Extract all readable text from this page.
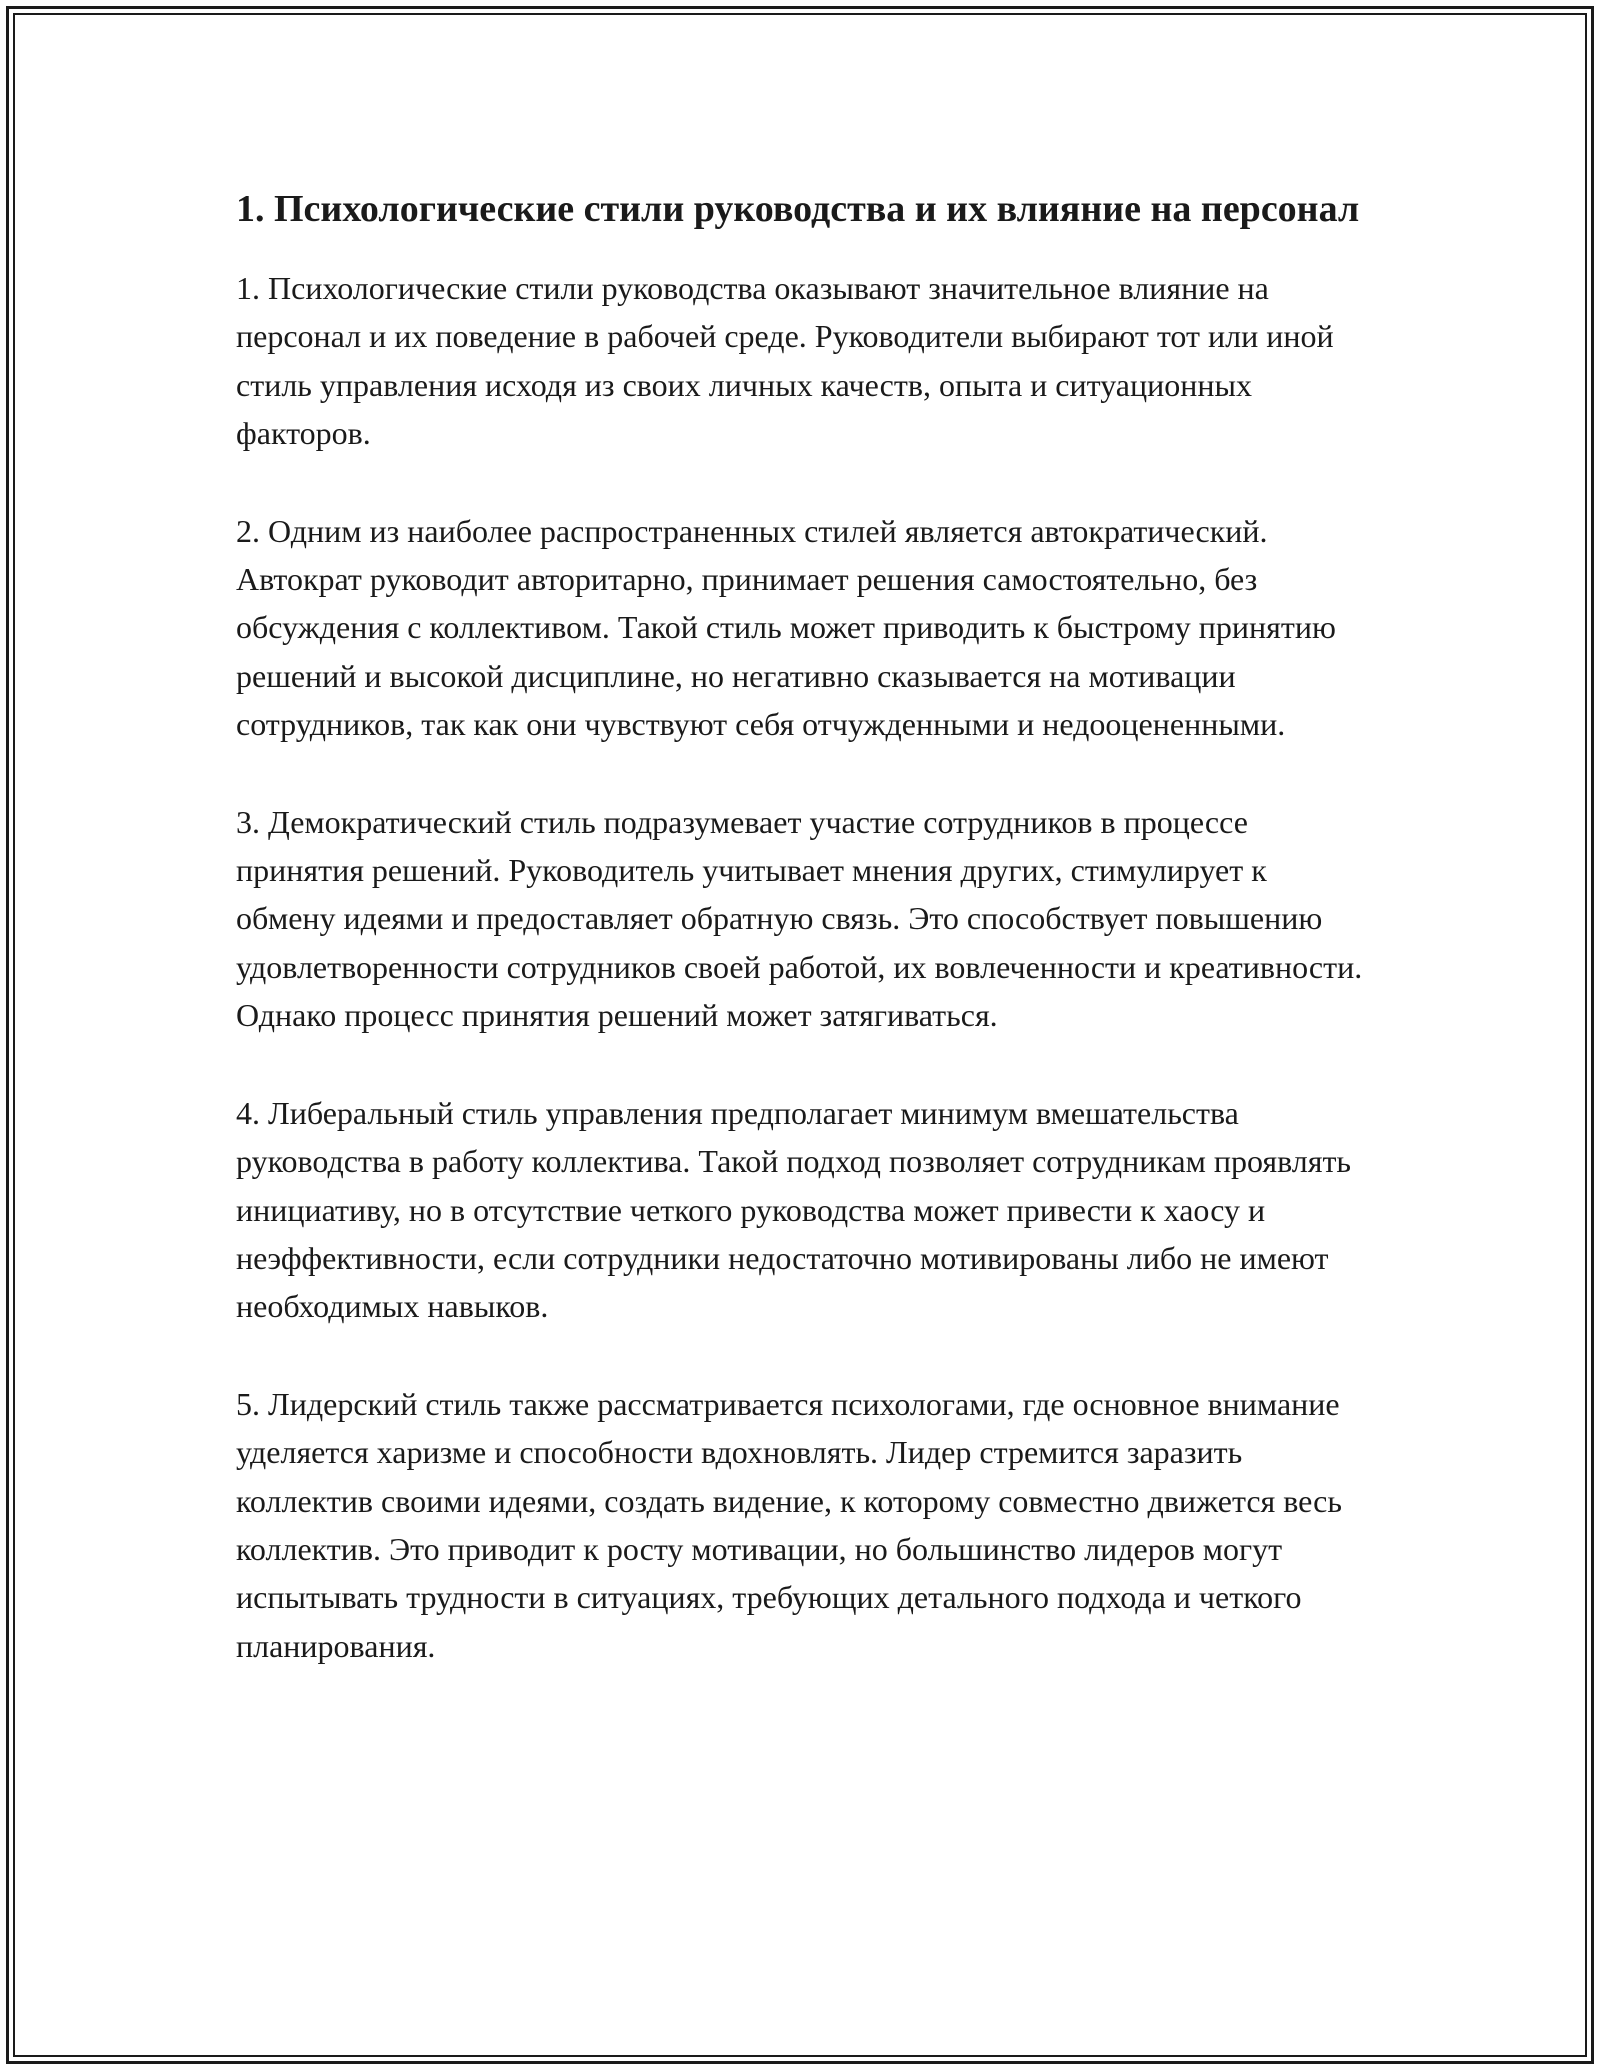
1. Психологические стили руководства и их влияние на персонал

1. Психологические стили руководства оказывают значительное влияние на персонал и их поведение в рабочей среде. Руководители выбирают тот или иной стиль управления исходя из своих личных качеств, опыта и ситуационных факторов.

2. Одним из наиболее распространенных стилей является автократический. Автократ руководит авторитарно, принимает решения самостоятельно, без обсуждения с коллективом. Такой стиль может приводить к быстрому принятию решений и высокой дисциплине, но негативно сказывается на мотивации сотрудников, так как они чувствуют себя отчужденными и недооцененными.

3. Демократический стиль подразумевает участие сотрудников в процессе принятия решений. Руководитель учитывает мнения других, стимулирует к обмену идеями и предоставляет обратную связь. Это способствует повышению удовлетворенности сотрудников своей работой, их вовлеченности и креативности. Однако процесс принятия решений может затягиваться.

4. Либеральный стиль управления предполагает минимум вмешательства руководства в работу коллектива. Такой подход позволяет сотрудникам проявлять инициативу, но в отсутствие четкого руководства может привести к хаосу и неэффективности, если сотрудники недостаточно мотивированы либо не имеют необходимых навыков.

5. Лидерский стиль также рассматривается психологами, где основное внимание уделяется харизме и способности вдохновлять. Лидер стремится заразить коллектив своими идеями, создать видение, к которому совместно движется весь коллектив. Это приводит к росту мотивации, но большинство лидеров могут испытывать трудности в ситуациях, требующих детального подхода и четкого планирования.
